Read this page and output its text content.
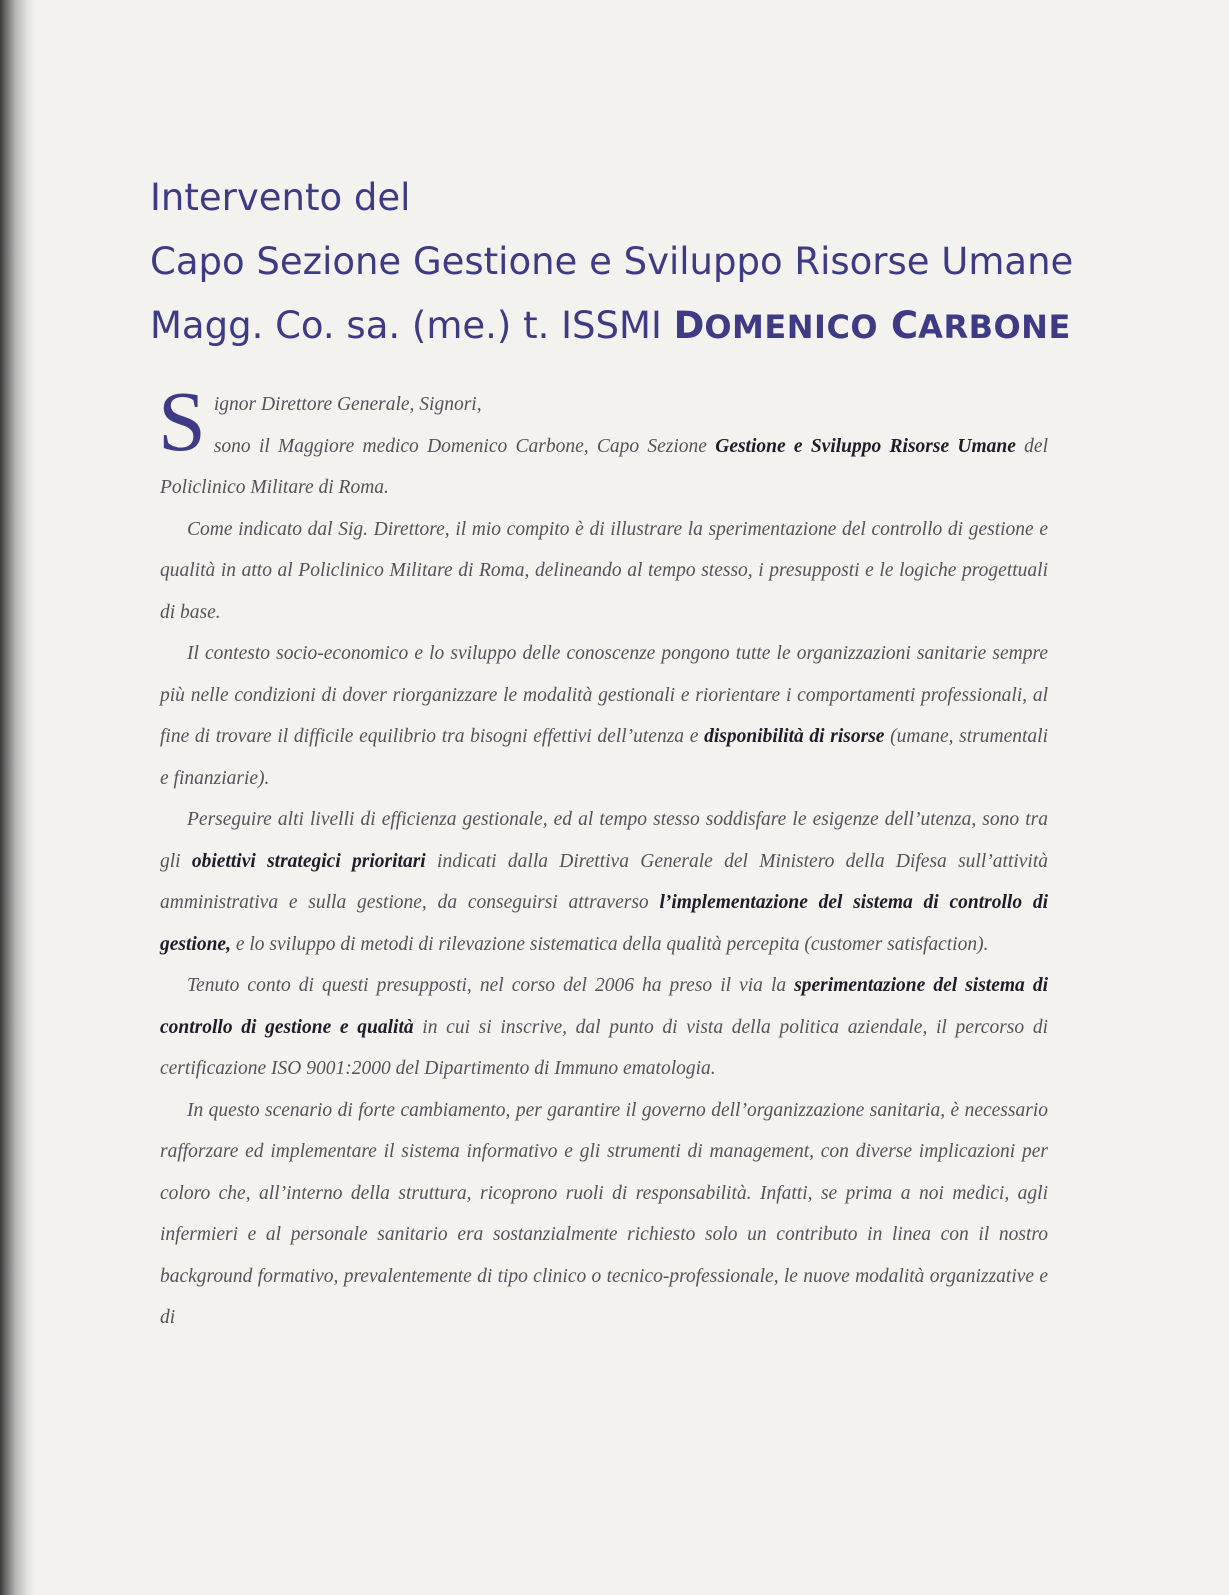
Intervento del
Capo Sezione Gestione e Sviluppo Risorse Umane
Magg. Co. sa. (me.) t. ISSMI DOMENICO CARBONE

Signor Direttore Generale, Signori,
sono il Maggiore medico Domenico Carbone, Capo Sezione Gestione e Sviluppo Risorse Umane del Policlinico Militare di Roma.

Come indicato dal Sig. Direttore, il mio compito è di illustrare la sperimentazione del controllo di gestione e qualità in atto al Policlinico Militare di Roma, delineando al tempo stesso, i presupposti e le logiche progettuali di base.

Il contesto socio-economico e lo sviluppo delle conoscenze pongono tutte le organizzazioni sanitarie sempre più nelle condizioni di dover riorganizzare le modalità gestionali e riorientare i comportamenti professionali, al fine di trovare il difficile equilibrio tra bisogni effettivi dell’utenza e disponibilità di risorse (umane, strumentali e finanziarie).

Perseguire alti livelli di efficienza gestionale, ed al tempo stesso soddisfare le esigenze dell’utenza, sono tra gli obiettivi strategici prioritari indicati dalla Direttiva Generale del Ministero della Difesa sull’attività amministrativa e sulla gestione, da conseguirsi attraverso l’implementazione del sistema di controllo di gestione, e lo sviluppo di metodi di rilevazione sistematica della qualità percepita (customer satisfaction).

Tenuto conto di questi presupposti, nel corso del 2006 ha preso il via la sperimentazione del sistema di controllo di gestione e qualità in cui si inscrive, dal punto di vista della politica aziendale, il percorso di certificazione ISO 9001:2000 del Dipartimento di Immuno ematologia.

In questo scenario di forte cambiamento, per garantire il governo dell’organizzazione sanitaria, è necessario rafforzare ed implementare il sistema informativo e gli strumenti di management, con diverse implicazioni per coloro che, all’interno della struttura, ricoprono ruoli di responsabilità. Infatti, se prima a noi medici, agli infermieri e al personale sanitario era sostanzialmente richiesto solo un contributo in linea con il nostro background formativo, prevalentemente di tipo clinico o tecnico-professionale, le nuove modalità organizzative e di
